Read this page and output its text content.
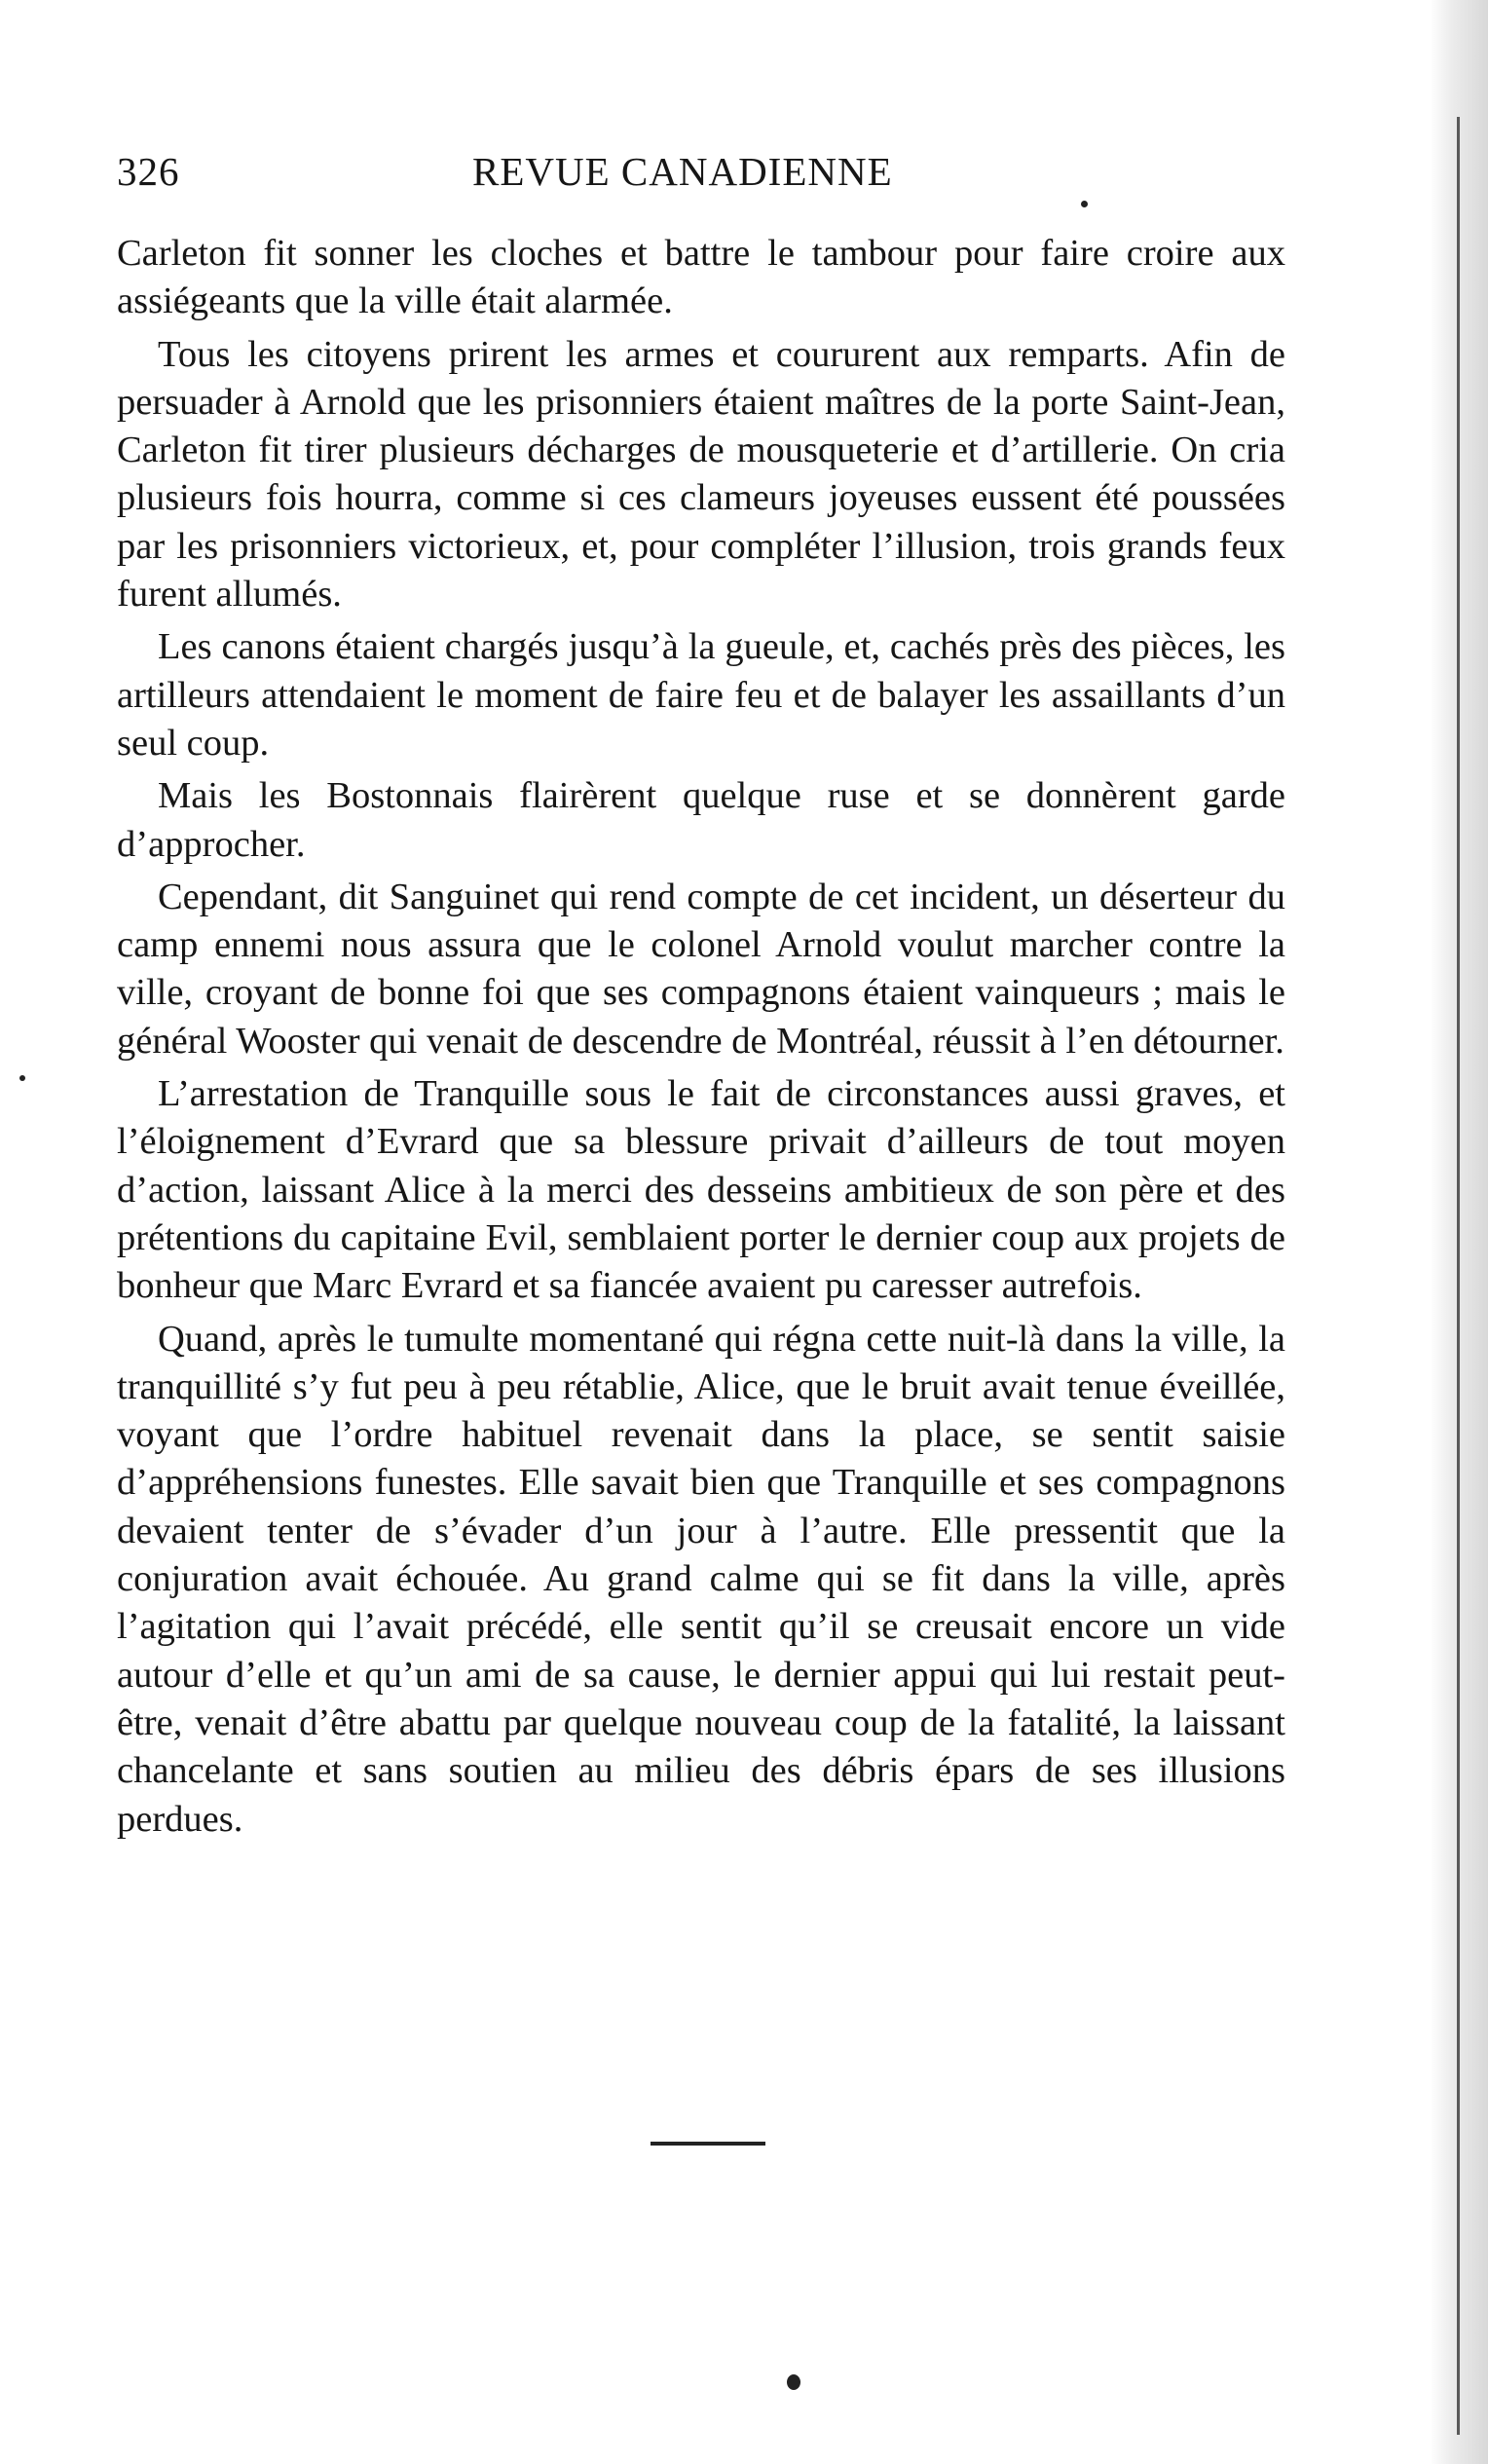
326	REVUE CANADIENNE

Carleton fit sonner les cloches et battre le tambour pour faire croire aux assiégeants que la ville était alarmée.

Tous les citoyens prirent les armes et coururent aux remparts. Afin de persuader à Arnold que les prisonniers étaient maîtres de la porte Saint-Jean, Carleton fit tirer plusieurs décharges de mousqueterie et d’artillerie. On cria plusieurs fois hourra, comme si ces clameurs joyeuses eussent été poussées par les prisonniers victorieux, et, pour compléter l’illusion, trois grands feux furent allumés.

Les canons étaient chargés jusqu’à la gueule, et, cachés près des pièces, les artilleurs attendaient le moment de faire feu et de balayer les assaillants d’un seul coup.

Mais les Bostonnais flairèrent quelque ruse et se donnèrent garde d’approcher.

Cependant, dit Sanguinet qui rend compte de cet incident, un déserteur du camp ennemi nous assura que le colonel Arnold voulut marcher contre la ville, croyant de bonne foi que ses compagnons étaient vainqueurs ; mais le général Wooster qui venait de descendre de Montréal, réussit à l’en détourner.

L’arrestation de Tranquille sous le fait de circonstances aussi graves, et l’éloignement d’Evrard que sa blessure privait d’ailleurs de tout moyen d’action, laissant Alice à la merci des desseins ambitieux de son père et des prétentions du capitaine Evil, semblaient porter le dernier coup aux projets de bonheur que Marc Evrard et sa fiancée avaient pu caresser autrefois.

Quand, après le tumulte momentané qui régna cette nuit-là dans la ville, la tranquillité s’y fut peu à peu rétablie, Alice, que le bruit avait tenue éveillée, voyant que l’ordre habituel revenait dans la place, se sentit saisie d’appréhensions funestes. Elle savait bien que Tranquille et ses compagnons devaient tenter de s’évader d’un jour à l’autre. Elle pressentit que la conjuration avait échouée. Au grand calme qui se fit dans la ville, après l’agitation qui l’avait précédé, elle sentit qu’il se creusait encore un vide autour d’elle et qu’un ami de sa cause, le dernier appui qui lui restait peut-être, venait d’être abattu par quelque nouveau coup de la fatalité, la laissant chancelante et sans soutien au milieu des débris épars de ses illusions perdues.
